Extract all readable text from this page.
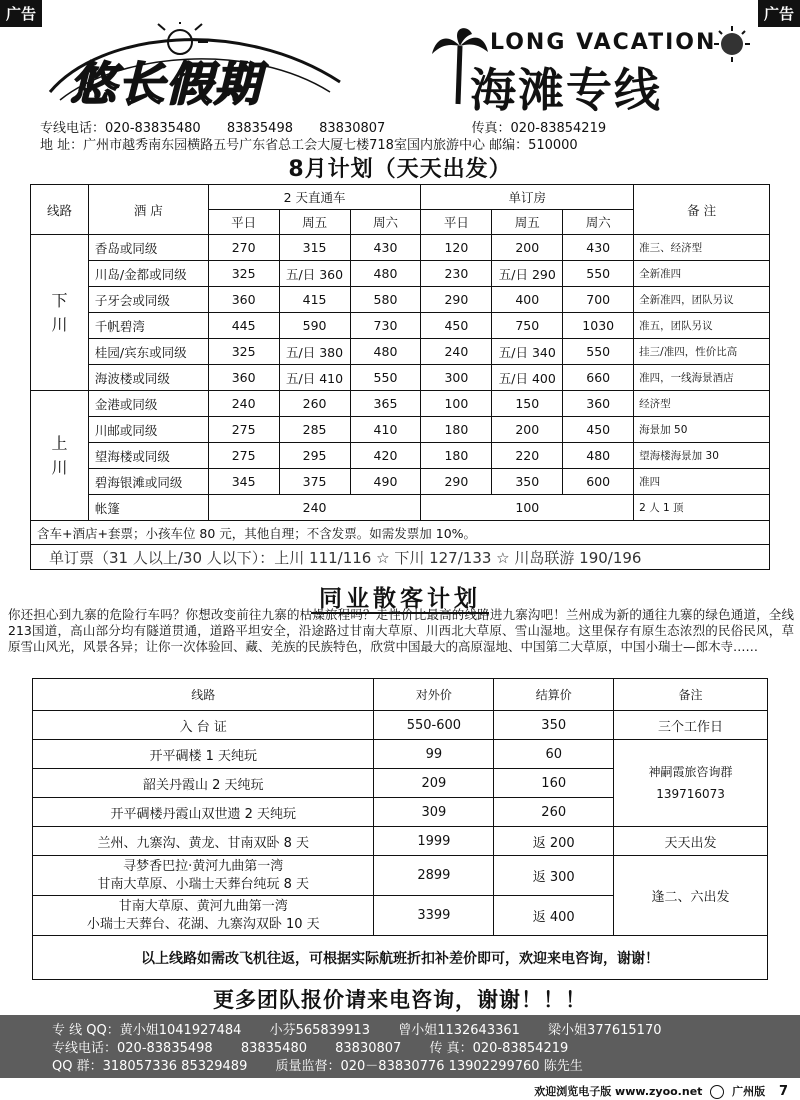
广告	广告
悠长假期
LONG VACATION
海滩专线
专线电话：020-83835480 83835498 83830807	传真：020-83854219
地 址：广州市越秀南东园横路五号广东省总工会大厦七楼718室国内旅游中心 邮编：510000
8月计划（天天出发）
线路	酒 店	2 天直通车			单订房			备 注
		平日	周五	周六	平日	周五	周六	
下川	香岛或同级	270	315	430	120	200	430	准三、经济型
	川岛/金都或同级	325	五/日 360	480	230	五/日 290	550	全新准四
	子牙会或同级	360	415	580	290	400	700	全新准四，团队另议
	千帆碧湾	445	590	730	450	750	1030	准五，团队另议
	桂园/宾东或同级	325	五/日 380	480	240	五/日 340	550	挂三/准四，性价比高
	海波楼或同级	360	五/日 410	550	300	五/日 400	660	准四，一线海景酒店
上川	金港或同级	240	260	365	100	150	360	经济型
	川邮或同级	275	285	410	180	200	450	海景加 50
	望海楼或同级	275	295	420	180	220	480	望海楼海景加 30
	碧海银滩或同级	345	375	490	290	350	600	准四
	帐篷	240			100			2 人 1 顶
含车+酒店+套票；小孩车位 80 元，其他自理；不含发票。如需发票加 10%。								
单订票（31 人以上/30 人以下）：上川 111/116 ☆ 下川 127/133 ☆ 川岛联游 190/196								
同业散客计划
你还担心到九寨的危险行车吗？你想改变前往九寨的枯燥旅程吗？走性价比最高的线路进九寨沟吧！兰州成为新的通往九寨的绿色通道，全线213国道，高山部分均有隧道贯通，道路平坦安全，沿途路过甘南大草原、川西北大草原、雪山湿地。这里保存有原生态浓烈的民俗民风，草原雪山风光，风景各异；让你一次体验回、藏、羌族的民族特色，欣赏中国最大的高原湿地、中国第二大草原，中国小瑞士—郎木寺……
线路	对外价	结算价	备注
入 台 证	550-600	350	三个工作日
开平碉楼 1 天纯玩	99	60	神嗣霞旅咨询群
139716073

韶关丹霞山 2 天纯玩	209	160	
开平碉楼丹霞山双世遗 2 天纯玩	309	260	
兰州、九寨沟、黄龙、甘南双卧 8 天	1999	返 200	天天出发

寻梦香巴拉·黄河九曲第一湾
甘南大草原、小瑞士天葬台纯玩 8 天	2899	返 300	逢二、六出发

甘南大草原、黄河九曲第一湾
小瑞士天葬台、花湖、九寨沟双卧 10 天	3399	返 400	
以上线路如需改飞机往返，可根据实际航班折扣补差价即可，欢迎来电咨询，谢谢！			
更多团队报价请来电咨询，谢谢！！！
专 线 QQ：黄小姐1041927484 小芬565839913 曾小姐1132643361 梁小姐377615170
专线电话：020-83835498 83835480 83830807 传 真：020-83854219
QQ 群：318057336 85329489 质量监督：020－83830776 13902299760 陈先生
欢迎浏览电子版 www.zyoo.net	广州版 7
